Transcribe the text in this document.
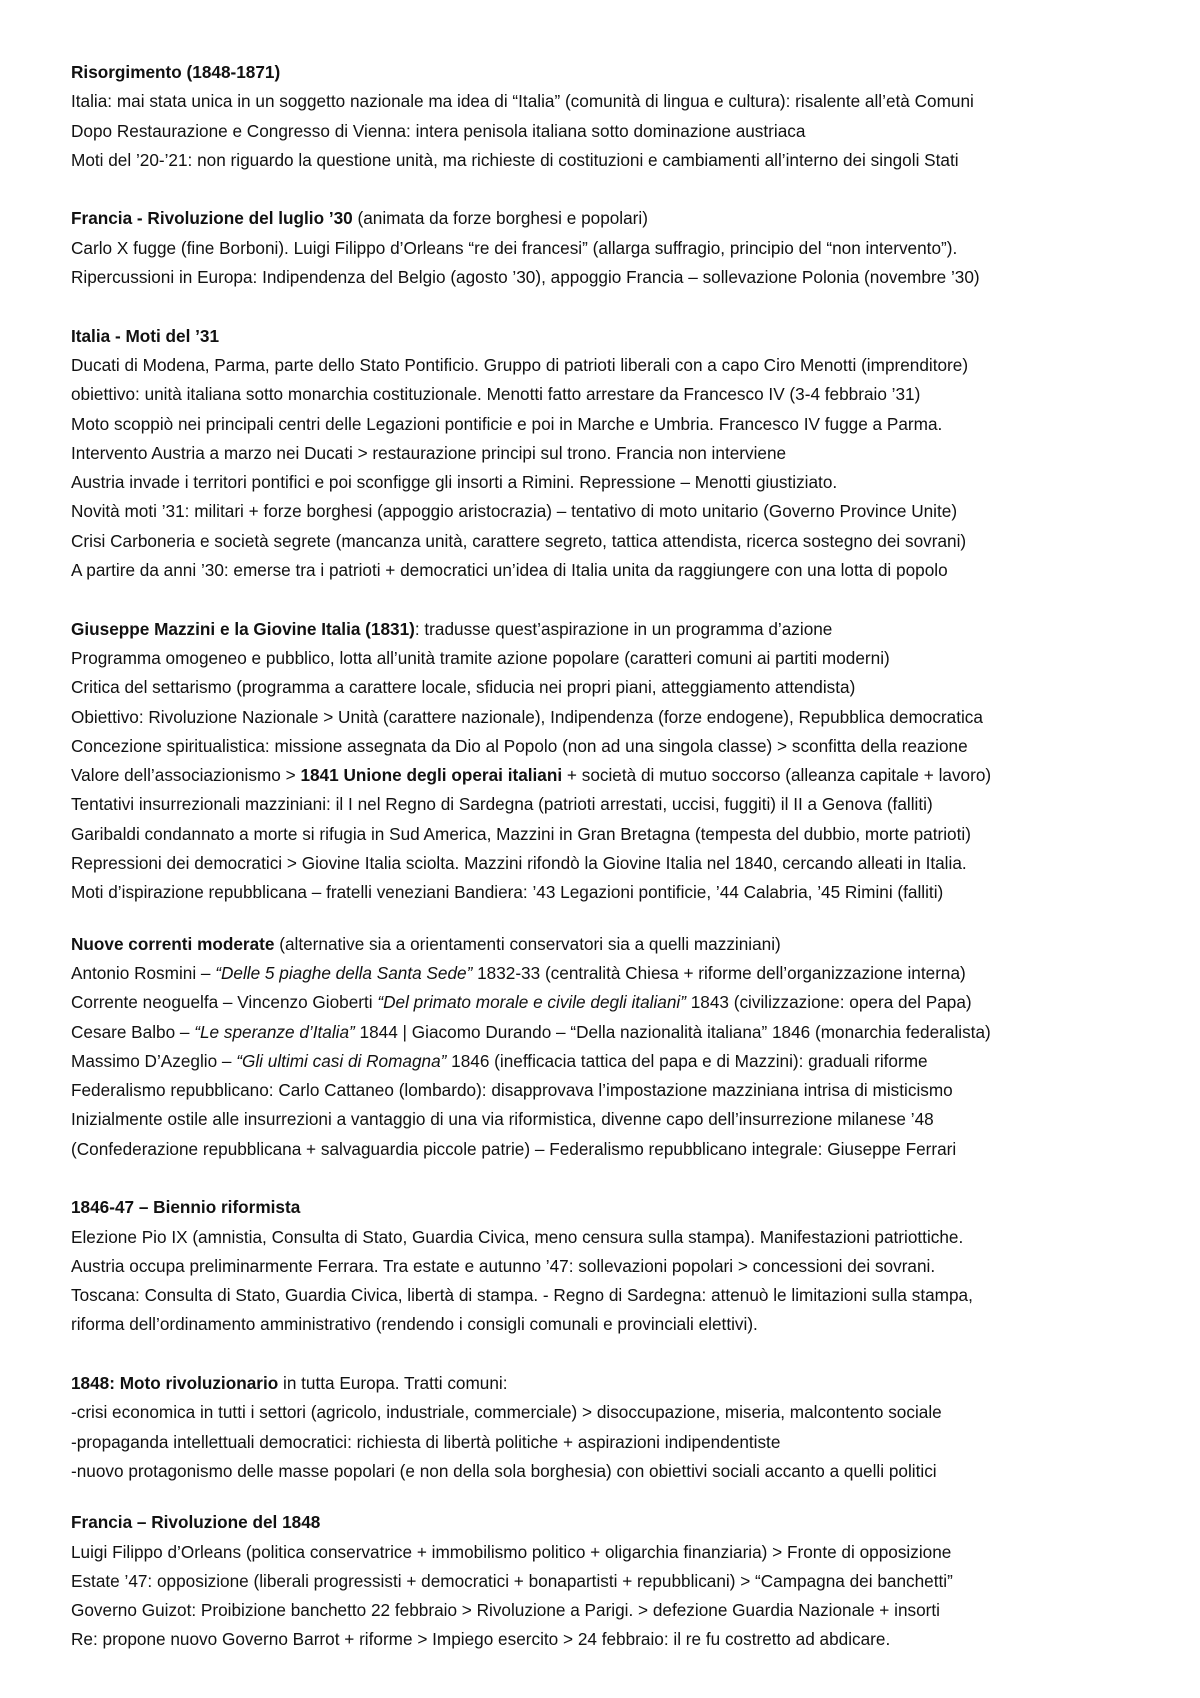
Risorgimento (1848-1871)
Italia: mai stata unica in un soggetto nazionale ma idea di “Italia” (comunità di lingua e cultura): risalente all’età Comuni
Dopo Restaurazione e Congresso di Vienna: intera penisola italiana sotto dominazione austriaca
Moti del ’20-’21: non riguardo la questione unità, ma richieste di costituzioni e cambiamenti all’interno dei singoli Stati
Francia - Rivoluzione del luglio ’30 (animata da forze borghesi e popolari)
Carlo X fugge (fine Borboni). Luigi Filippo d’Orleans “re dei francesi” (allarga suffragio, principio del “non intervento”).
Ripercussioni in Europa: Indipendenza del Belgio (agosto ’30), appoggio Francia – sollevazione Polonia (novembre ’30)
Italia - Moti del ’31
Ducati di Modena, Parma, parte dello Stato Pontificio. Gruppo di patrioti liberali con a capo Ciro Menotti (imprenditore)
obiettivo: unità italiana sotto monarchia costituzionale. Menotti fatto arrestare da Francesco IV (3-4 febbraio ’31)
Moto scoppiò nei principali centri delle Legazioni pontificie e poi in Marche e Umbria. Francesco IV fugge a Parma.
Intervento Austria a marzo nei Ducati > restaurazione principi sul trono. Francia non interviene
Austria invade i territori pontifici e poi sconfigge gli insorti a Rimini. Repressione – Menotti giustiziato.
Novità moti ’31: militari + forze borghesi (appoggio aristocrazia) – tentativo di moto unitario (Governo Province Unite)
Crisi Carboneria e società segrete (mancanza unità, carattere segreto, tattica attendista, ricerca sostegno dei sovrani)
A partire da anni ’30: emerse tra i patrioti + democratici un’idea di Italia unita da raggiungere con una lotta di popolo
Giuseppe Mazzini e la Giovine Italia (1831): tradusse quest’aspirazione in un programma d’azione
Programma omogeneo e pubblico, lotta all’unità tramite azione popolare (caratteri comuni ai partiti moderni)
Critica del settarismo (programma a carattere locale, sfiducia nei propri piani, atteggiamento attendista)
Obiettivo: Rivoluzione Nazionale > Unità (carattere nazionale), Indipendenza (forze endogene), Repubblica democratica
Concezione spiritualistica: missione assegnata da Dio al Popolo (non ad una singola classe) > sconfitta della reazione
Valore dell’associazionismo > 1841 Unione degli operai italiani + società di mutuo soccorso (alleanza capitale + lavoro)
Tentativi insurrezionali mazziniani: il I nel Regno di Sardegna (patrioti arrestati, uccisi, fuggiti) il II a Genova (falliti)
Garibaldi condannato a morte si rifugia in Sud America, Mazzini in Gran Bretagna (tempesta del dubbio, morte patrioti)
Repressioni dei democratici > Giovine Italia sciolta. Mazzini rifondò la Giovine Italia nel 1840, cercando alleati in Italia.
Moti d’ispirazione repubblicana – fratelli veneziani Bandiera: ’43 Legazioni pontificie, ’44 Calabria, ’45 Rimini (falliti)
Nuove correnti moderate (alternative sia a orientamenti conservatori sia a quelli mazziniani)
Antonio Rosmini – “Delle 5 piaghe della Santa Sede” 1832-33 (centralità Chiesa + riforme dell’organizzazione interna)
Corrente neoguelfa – Vincenzo Gioberti “Del primato morale e civile degli italiani” 1843 (civilizzazione: opera del Papa)
Cesare Balbo – “Le speranze d’Italia” 1844 | Giacomo Durando – “Della nazionalità italiana” 1846 (monarchia federalista)
Massimo D’Azeglio – “Gli ultimi casi di Romagna” 1846 (inefficacia tattica del papa e di Mazzini): graduali riforme
Federalismo repubblicano: Carlo Cattaneo (lombardo): disapprovava l’impostazione mazziniana intrisa di misticismo
Inizialmente ostile alle insurrezioni a vantaggio di una via riformistica, divenne capo dell’insurrezione milanese ’48
(Confederazione repubblicana + salvaguardia piccole patrie) – Federalismo repubblicano integrale: Giuseppe Ferrari
1846-47 – Biennio riformista
Elezione Pio IX (amnistia, Consulta di Stato, Guardia Civica, meno censura sulla stampa). Manifestazioni patriottiche.
Austria occupa preliminarmente Ferrara. Tra estate e autunno ’47: sollevazioni popolari > concessioni dei sovrani.
Toscana: Consulta di Stato, Guardia Civica, libertà di stampa. - Regno di Sardegna: attenuò le limitazioni sulla stampa,
riforma dell’ordinamento amministrativo (rendendo i consigli comunali e provinciali elettivi).
1848: Moto rivoluzionario in tutta Europa. Tratti comuni:
-crisi economica in tutti i settori (agricolo, industriale, commerciale) > disoccupazione, miseria, malcontento sociale
-propaganda intellettuali democratici: richiesta di libertà politiche + aspirazioni indipendentiste
-nuovo protagonismo delle masse popolari (e non della sola borghesia) con obiettivi sociali accanto a quelli politici
Francia – Rivoluzione del 1848
Luigi Filippo d’Orleans (politica conservatrice + immobilismo politico + oligarchia finanziaria) > Fronte di opposizione
Estate ’47: opposizione (liberali progressisti + democratici + bonapartisti + repubblicani) > “Campagna dei banchetti”
Governo Guizot: Proibizione banchetto 22 febbraio > Rivoluzione a Parigi. > defezione Guardia Nazionale + insorti
Re: propone nuovo Governo Barrot + riforme > Impiego esercito > 24 febbraio: il re fu costretto ad abdicare.
